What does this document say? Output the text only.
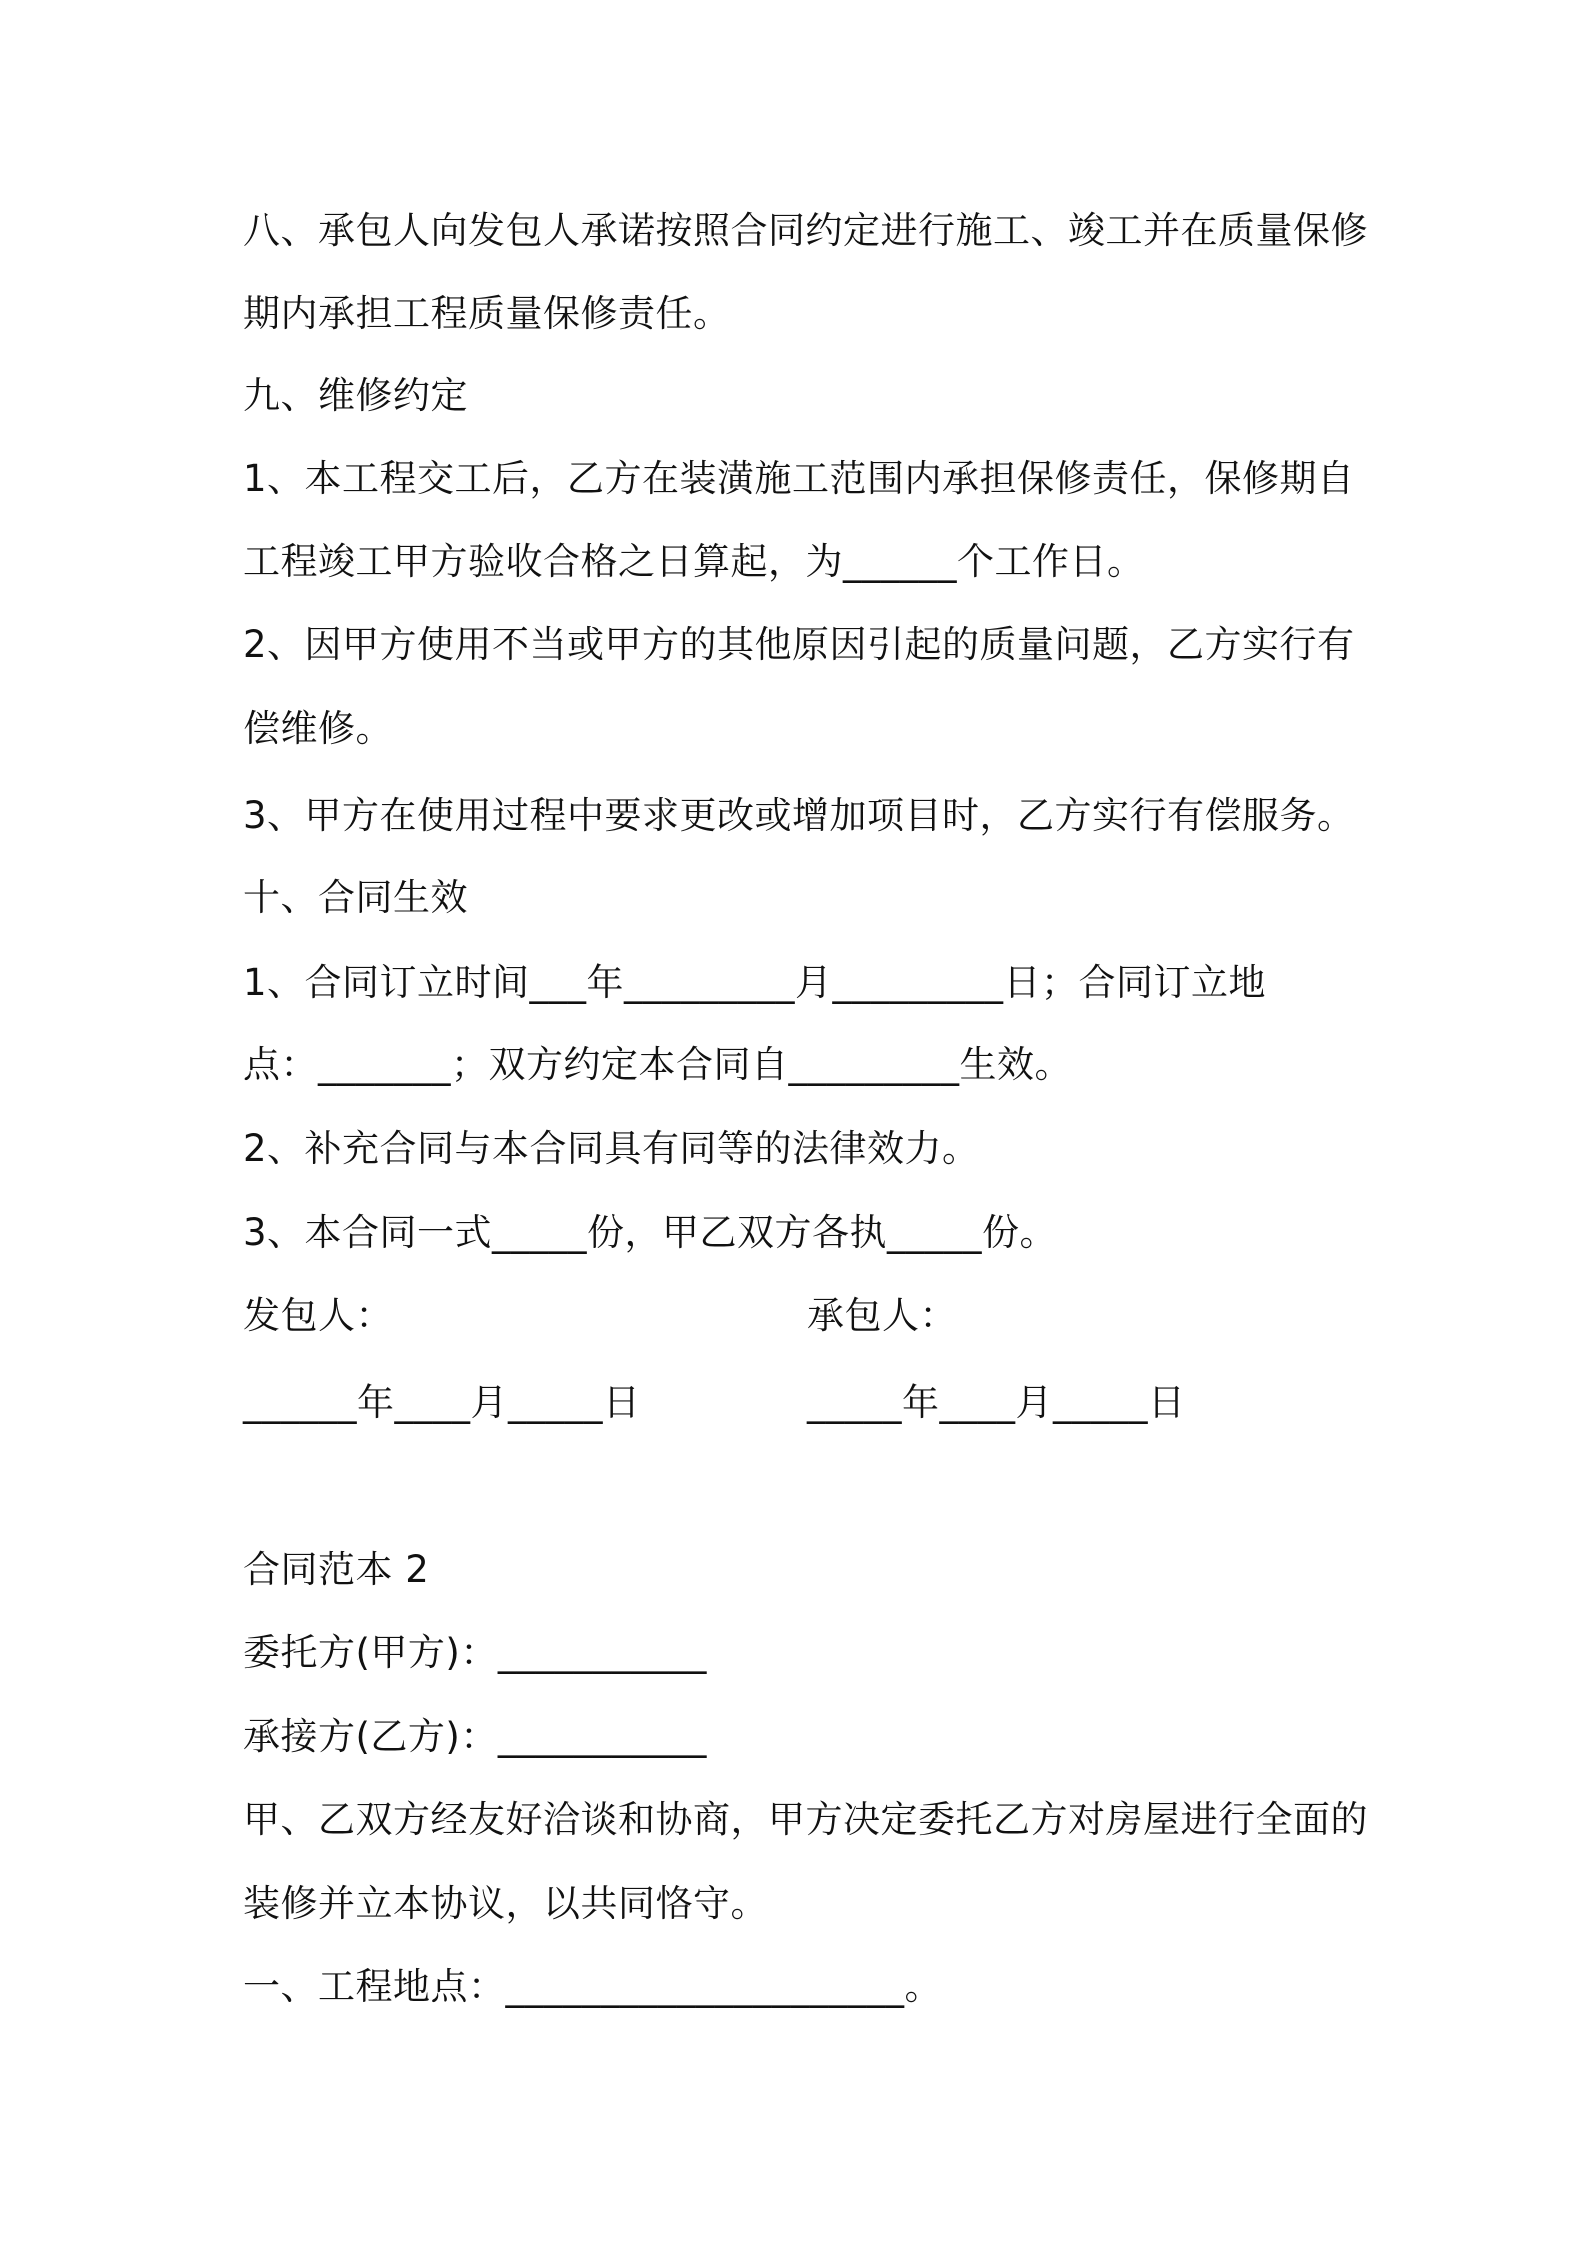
八、承包人向发包人承诺按照合同约定进行施工、竣工并在质量保修
期内承担工程质量保修责任。
九、维修约定
1、本工程交工后，乙方在装潢施工范围内承担保修责任，保修期自
工程竣工甲方验收合格之日算起，为______个工作日。
2、因甲方使用不当或甲方的其他原因引起的质量问题，乙方实行有
偿维修。
3、甲方在使用过程中要求更改或增加项目时，乙方实行有偿服务。
十、合同生效
1、合同订立时间___年_________月_________日；合同订立地
点：_______；双方约定本合同自_________生效。
2、补充合同与本合同具有同等的法律效力。
3、本合同一式_____份，甲乙双方各执_____份。
发包人：	承包人：
______年____月_____日	_____年____月_____日
合同范本 2
委托方(甲方)：___________
承接方(乙方)：___________
甲、乙双方经友好洽谈和协商，甲方决定委托乙方对房屋进行全面的
装修并立本协议，以共同恪守。
一、工程地点：_____________________。
